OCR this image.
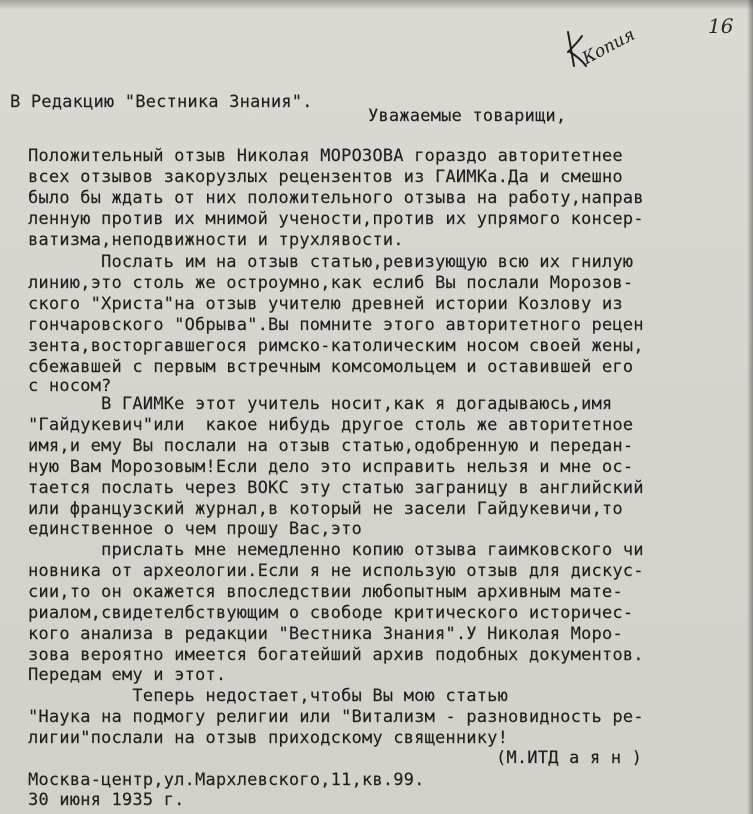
Копия	16
В Редакцию "Вестника Знания".
Уважаемые товарищи,
Положительный отзыв Николая МОРОЗОВА гораздо авторитетнее
всех отзывов закорузлых рецензентов из ГАИМКа.Да и смешно
было бы ждать от них положительного отзыва на работу,направ
ленную против их мнимой учености,против их упрямого консер-
ватизма,неподвижности и трухлявости.
Послать им на отзыв статью,ревизующую всю их гнилую
линию,это столь же остроумно,как еслиб Вы послали Морозов-
ского "Христа"на отзыв учителю древней истории Козлову из
гончаровского "Обрыва".Вы помните этого авторитетного рецен
зента,восторгавшегося римско-католическим носом своей жены,
сбежавшей с первым встречным комсомольцем и оставившей его
с носом?
В ГАИМКе этот учитель носит,как я догадываюсь,имя
"Гайдукевич"или  какое нибудь другое столь же авторитетное
имя,и ему Вы послали на отзыв статью,одобренную и передан-
ную Вам Морозовым!Если дело это исправить нельзя и мне ос-
тается послать через ВОКС эту статью заграницу в английский
или французский журнал,в который не засели Гайдукевичи,то
единственное о чем прошу Вас,это
прислать мне немедленно копию отзыва гаимковского чи
новника от археологии.Если я не использую отзыв для дискус-
сии,то он окажется впоследствии любопытным архивным мате-
риалом,свидетелбствующим о свободе критического историчес-
кого анализа в редакции "Вестника Знания".У Николая Моро-
зова вероятно имеется богатейший архив подобных документов.
Передам ему и этот.
Теперь недостает,чтобы Вы мою статью
"Наука на подмогу религии или "Витализм - разновидность ре-
лигии"послали на отзыв приходскому священнику!
(М.ИТД а я н )
Москва-центр,ул.Мархлевского,11,кв.99.
30 июня 1935 г.
